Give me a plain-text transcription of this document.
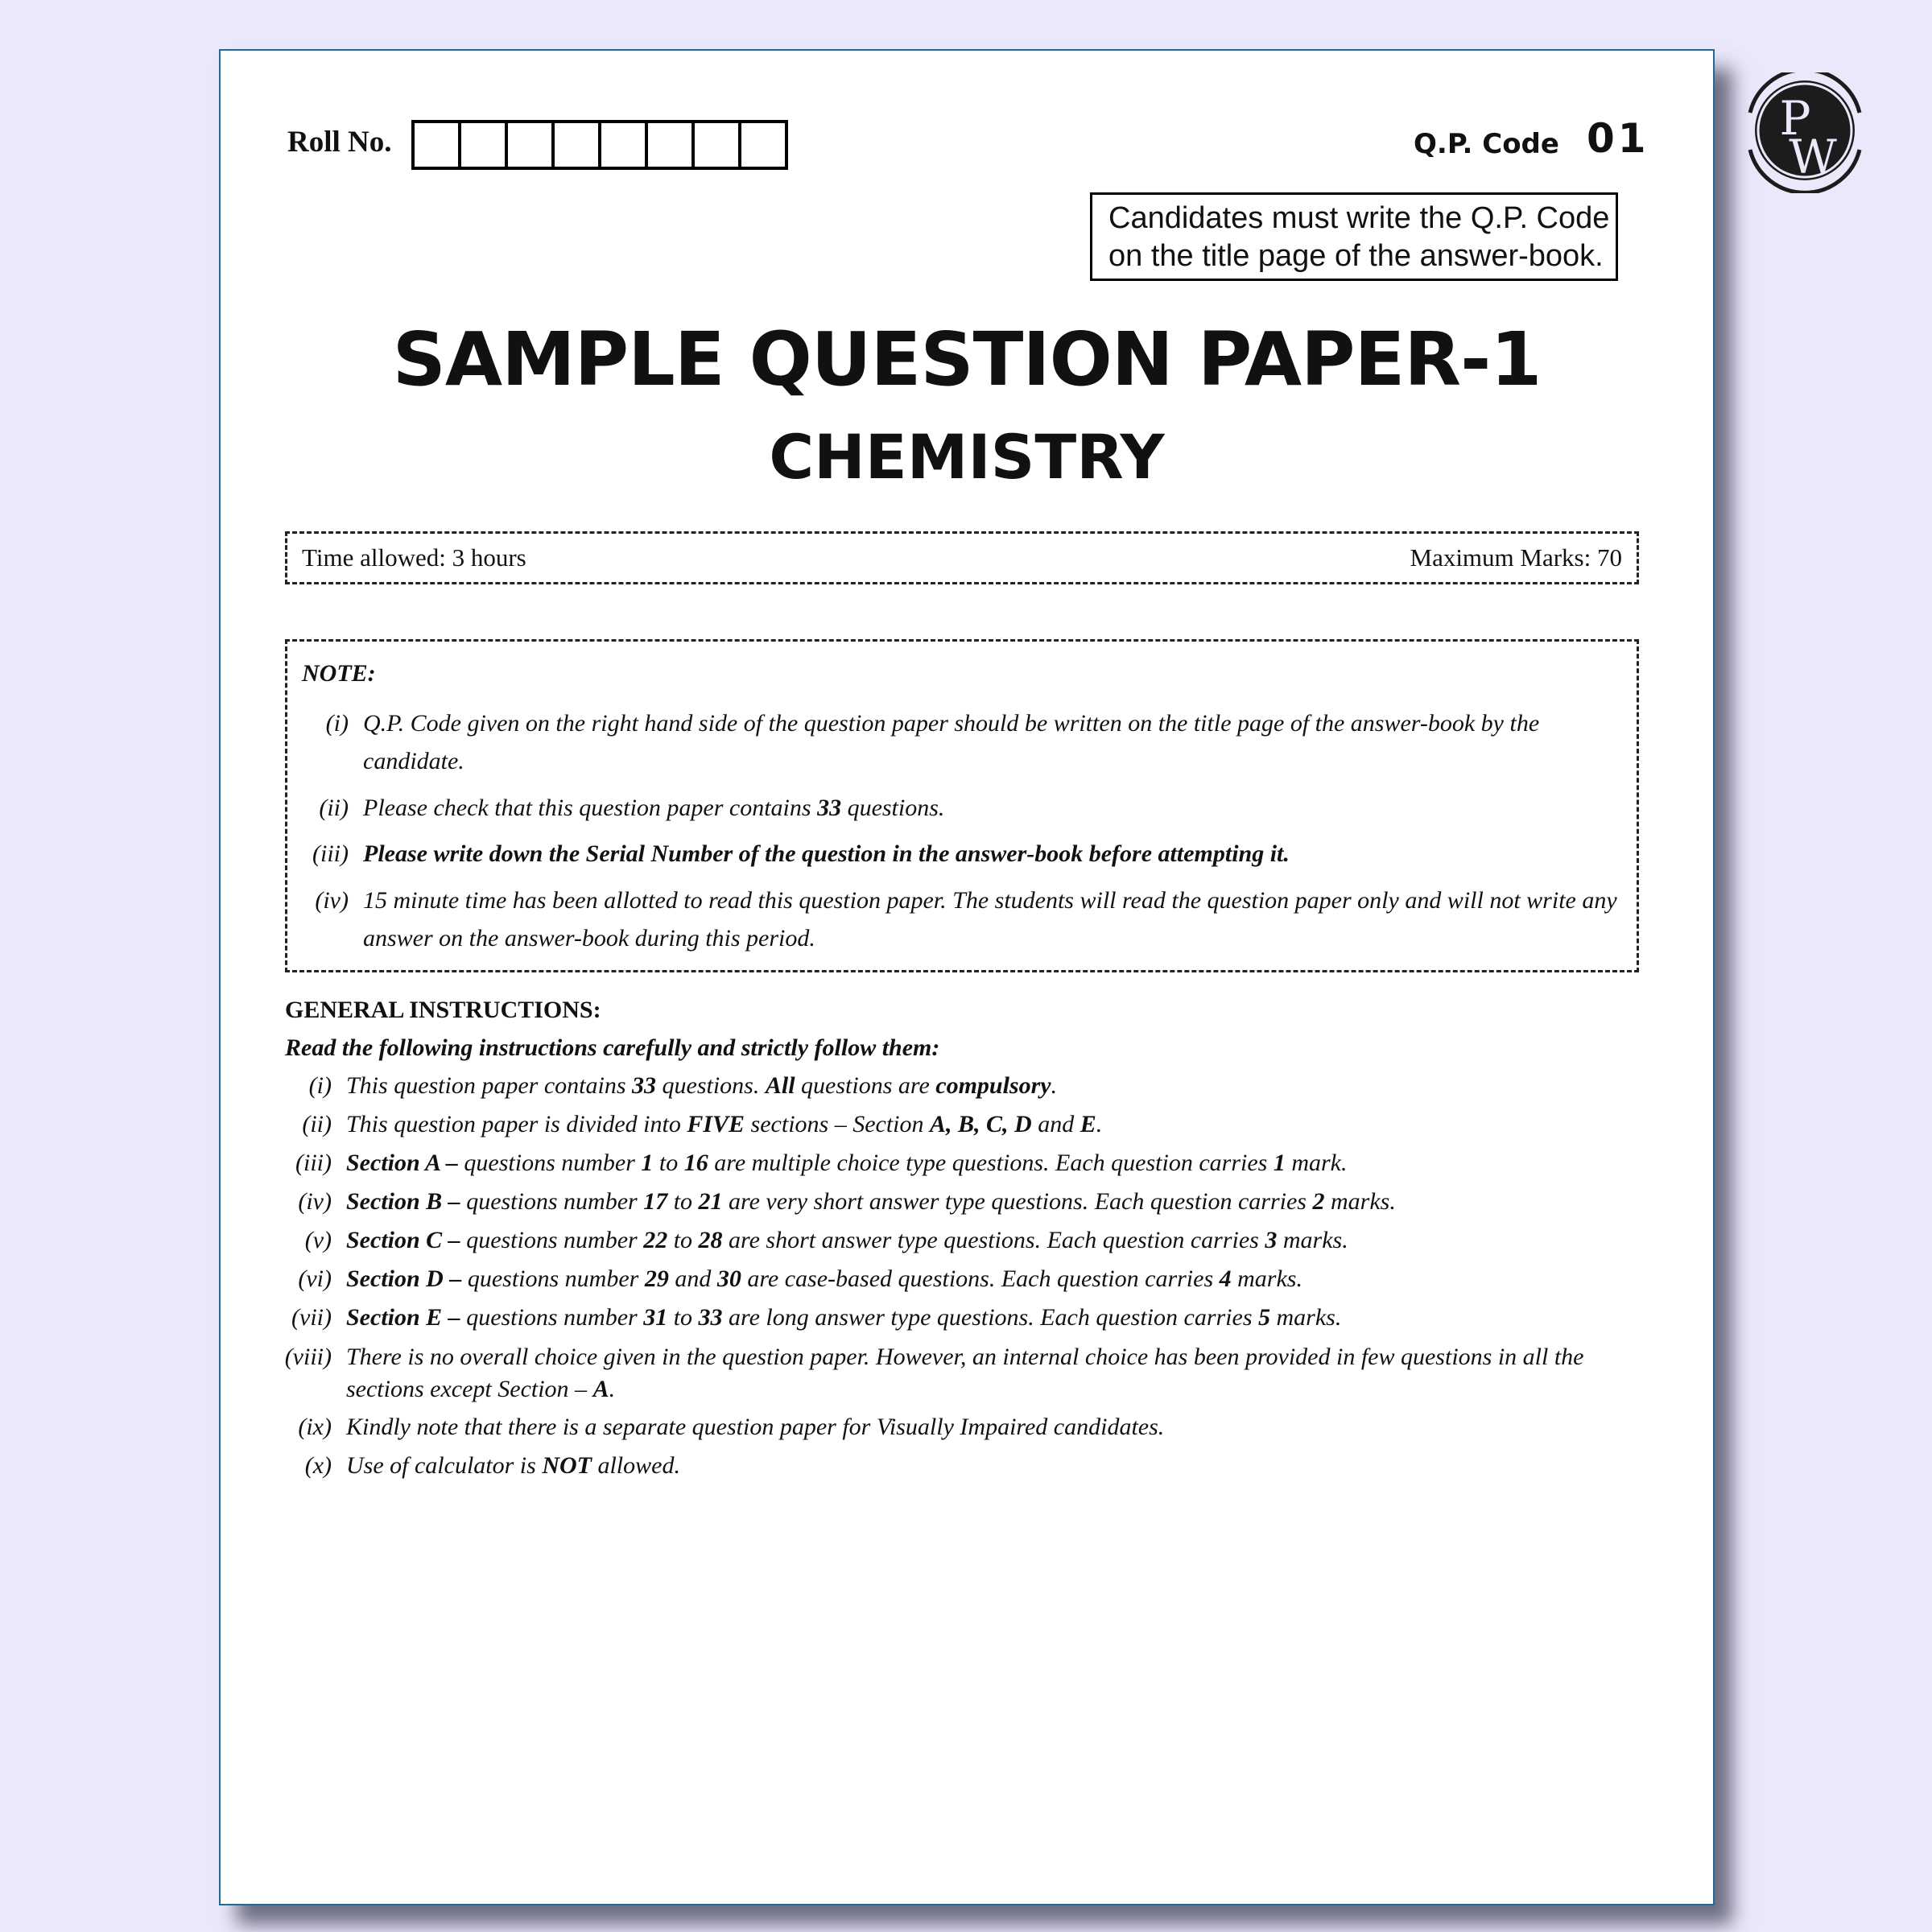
Roll No.	Q.P. Code 01
Candidates must write the Q.P. Code
on the title page of the answer-book.
SAMPLE QUESTION PAPER-1
CHEMISTRY
Time allowed: 3 hours	Maximum Marks: 70
NOTE:
(i) Q.P. Code given on the right hand side of the question paper should be written on the title page of the answer-book by the candidate.
(ii) Please check that this question paper contains 33 questions.
(iii) Please write down the Serial Number of the question in the answer-book before attempting it.
(iv) 15 minute time has been allotted to read this question paper. The students will read the question paper only and will not write any answer on the answer-book during this period.
GENERAL INSTRUCTIONS:
Read the following instructions carefully and strictly follow them:
(i) This question paper contains 33 questions. All questions are compulsory.
(ii) This question paper is divided into FIVE sections – Section A, B, C, D and E.
(iii) Section A – questions number 1 to 16 are multiple choice type questions. Each question carries 1 mark.
(iv) Section B – questions number 17 to 21 are very short answer type questions. Each question carries 2 marks.
(v) Section C – questions number 22 to 28 are short answer type questions. Each question carries 3 marks.
(vi) Section D – questions number 29 and 30 are case-based questions. Each question carries 4 marks.
(vii) Section E – questions number 31 to 33 are long answer type questions. Each question carries 5 marks.
(viii) There is no overall choice given in the question paper. However, an internal choice has been provided in few questions in all the sections except Section – A.
(ix) Kindly note that there is a separate question paper for Visually Impaired candidates.
(x) Use of calculator is NOT allowed.
P
W
